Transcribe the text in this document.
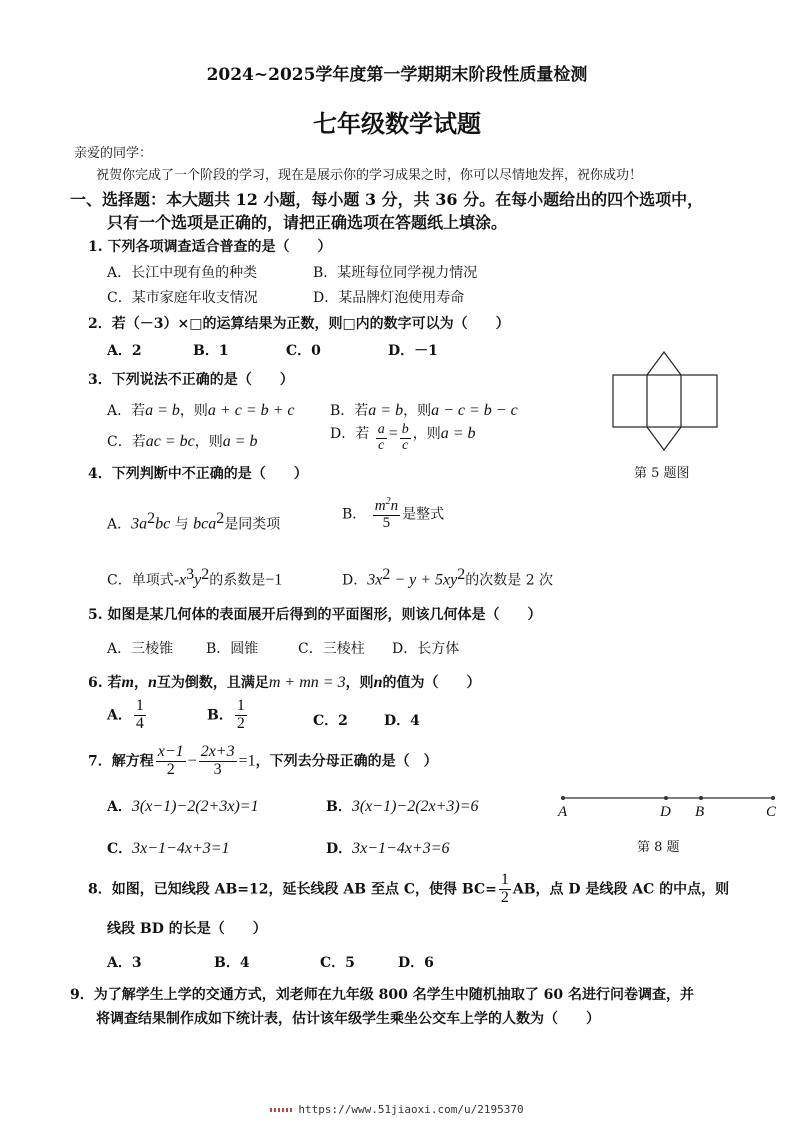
2024~2025学年度第一学期期末阶段性质量检测
七年级数学试题
亲爱的同学：
祝贺你完成了一个阶段的学习，现在是展示你的学习成果之时，你可以尽情地发挥，祝你成功！
一、选择题：本大题共 12 小题，每小题 3 分，共 36 分。在每小题给出的四个选项中，
只有一个选项是正确的，请把正确选项在答题纸上填涂。
1. 下列各项调查适合普查的是（　　）
A．长江中现有鱼的种类	B．某班每位同学视力情况
C．某市家庭年收支情况	D．某品牌灯泡使用寿命
2．若（－3）×□的运算结果为正数，则□内的数字可以为（　　）
A．2	B．1	C．0	D．－1
3．下列说法不正确的是（　　）
A．若a = b，则a + c = b + c	B．若a = b，则a − c = b − c
C．若ac = bc，则a = b	D．若 $\frac{a}{c} = \frac{b}{c}$ ，则a = b
第 5 题图
4．下列判断中不正确的是（　　）
A．$3a^2bc$ 与 bca$^2$是同类项
B． $\frac{m^2n}{5}$ 是整式
C．单项式$-x^3y^2$的系数是−1	D．$3x^2 - y + 5xy^2$的次数是 2 次
5. 如图是某几何体的表面展开后得到的平面图形，则该几何体是（　　）
A．三棱锥 B．圆锥	C．三棱柱 D．长方体
6. 若m，n互为倒数，且满足m + mn = 3，则n的值为（　　）
A． $\frac{1}{4}$	B． $\frac{1}{2}$	C．2	D．4
7．解方程 $\frac{x-1}{2} - \frac{2x+3}{3} =1$，下列去分母正确的是（　）
A．3(x−1)−2(2+3x)=1	B．3(x−1)−2(2x+3)=6
C．3x−1−4x+3=1	D．3x−1−4x+3=6
A	D B	C
第 8 题
8．如图，已知线段 AB=12，延长线段 AB 至点 C，使得 $BC= \frac{1}{2}$ AB，点 D 是线段 AC 的中点，则
线段 BD 的长是（　　）
A．3	B．4	C．5	D．6
9．为了解学生上学的交通方式，刘老师在九年级 800 名学生中随机抽取了 60 名进行问卷调查，并
将调查结果制作成如下统计表，估计该年级学生乘坐公交车上学的人数为（　　）
https://www.51jiaoxi.com/u/2195370
